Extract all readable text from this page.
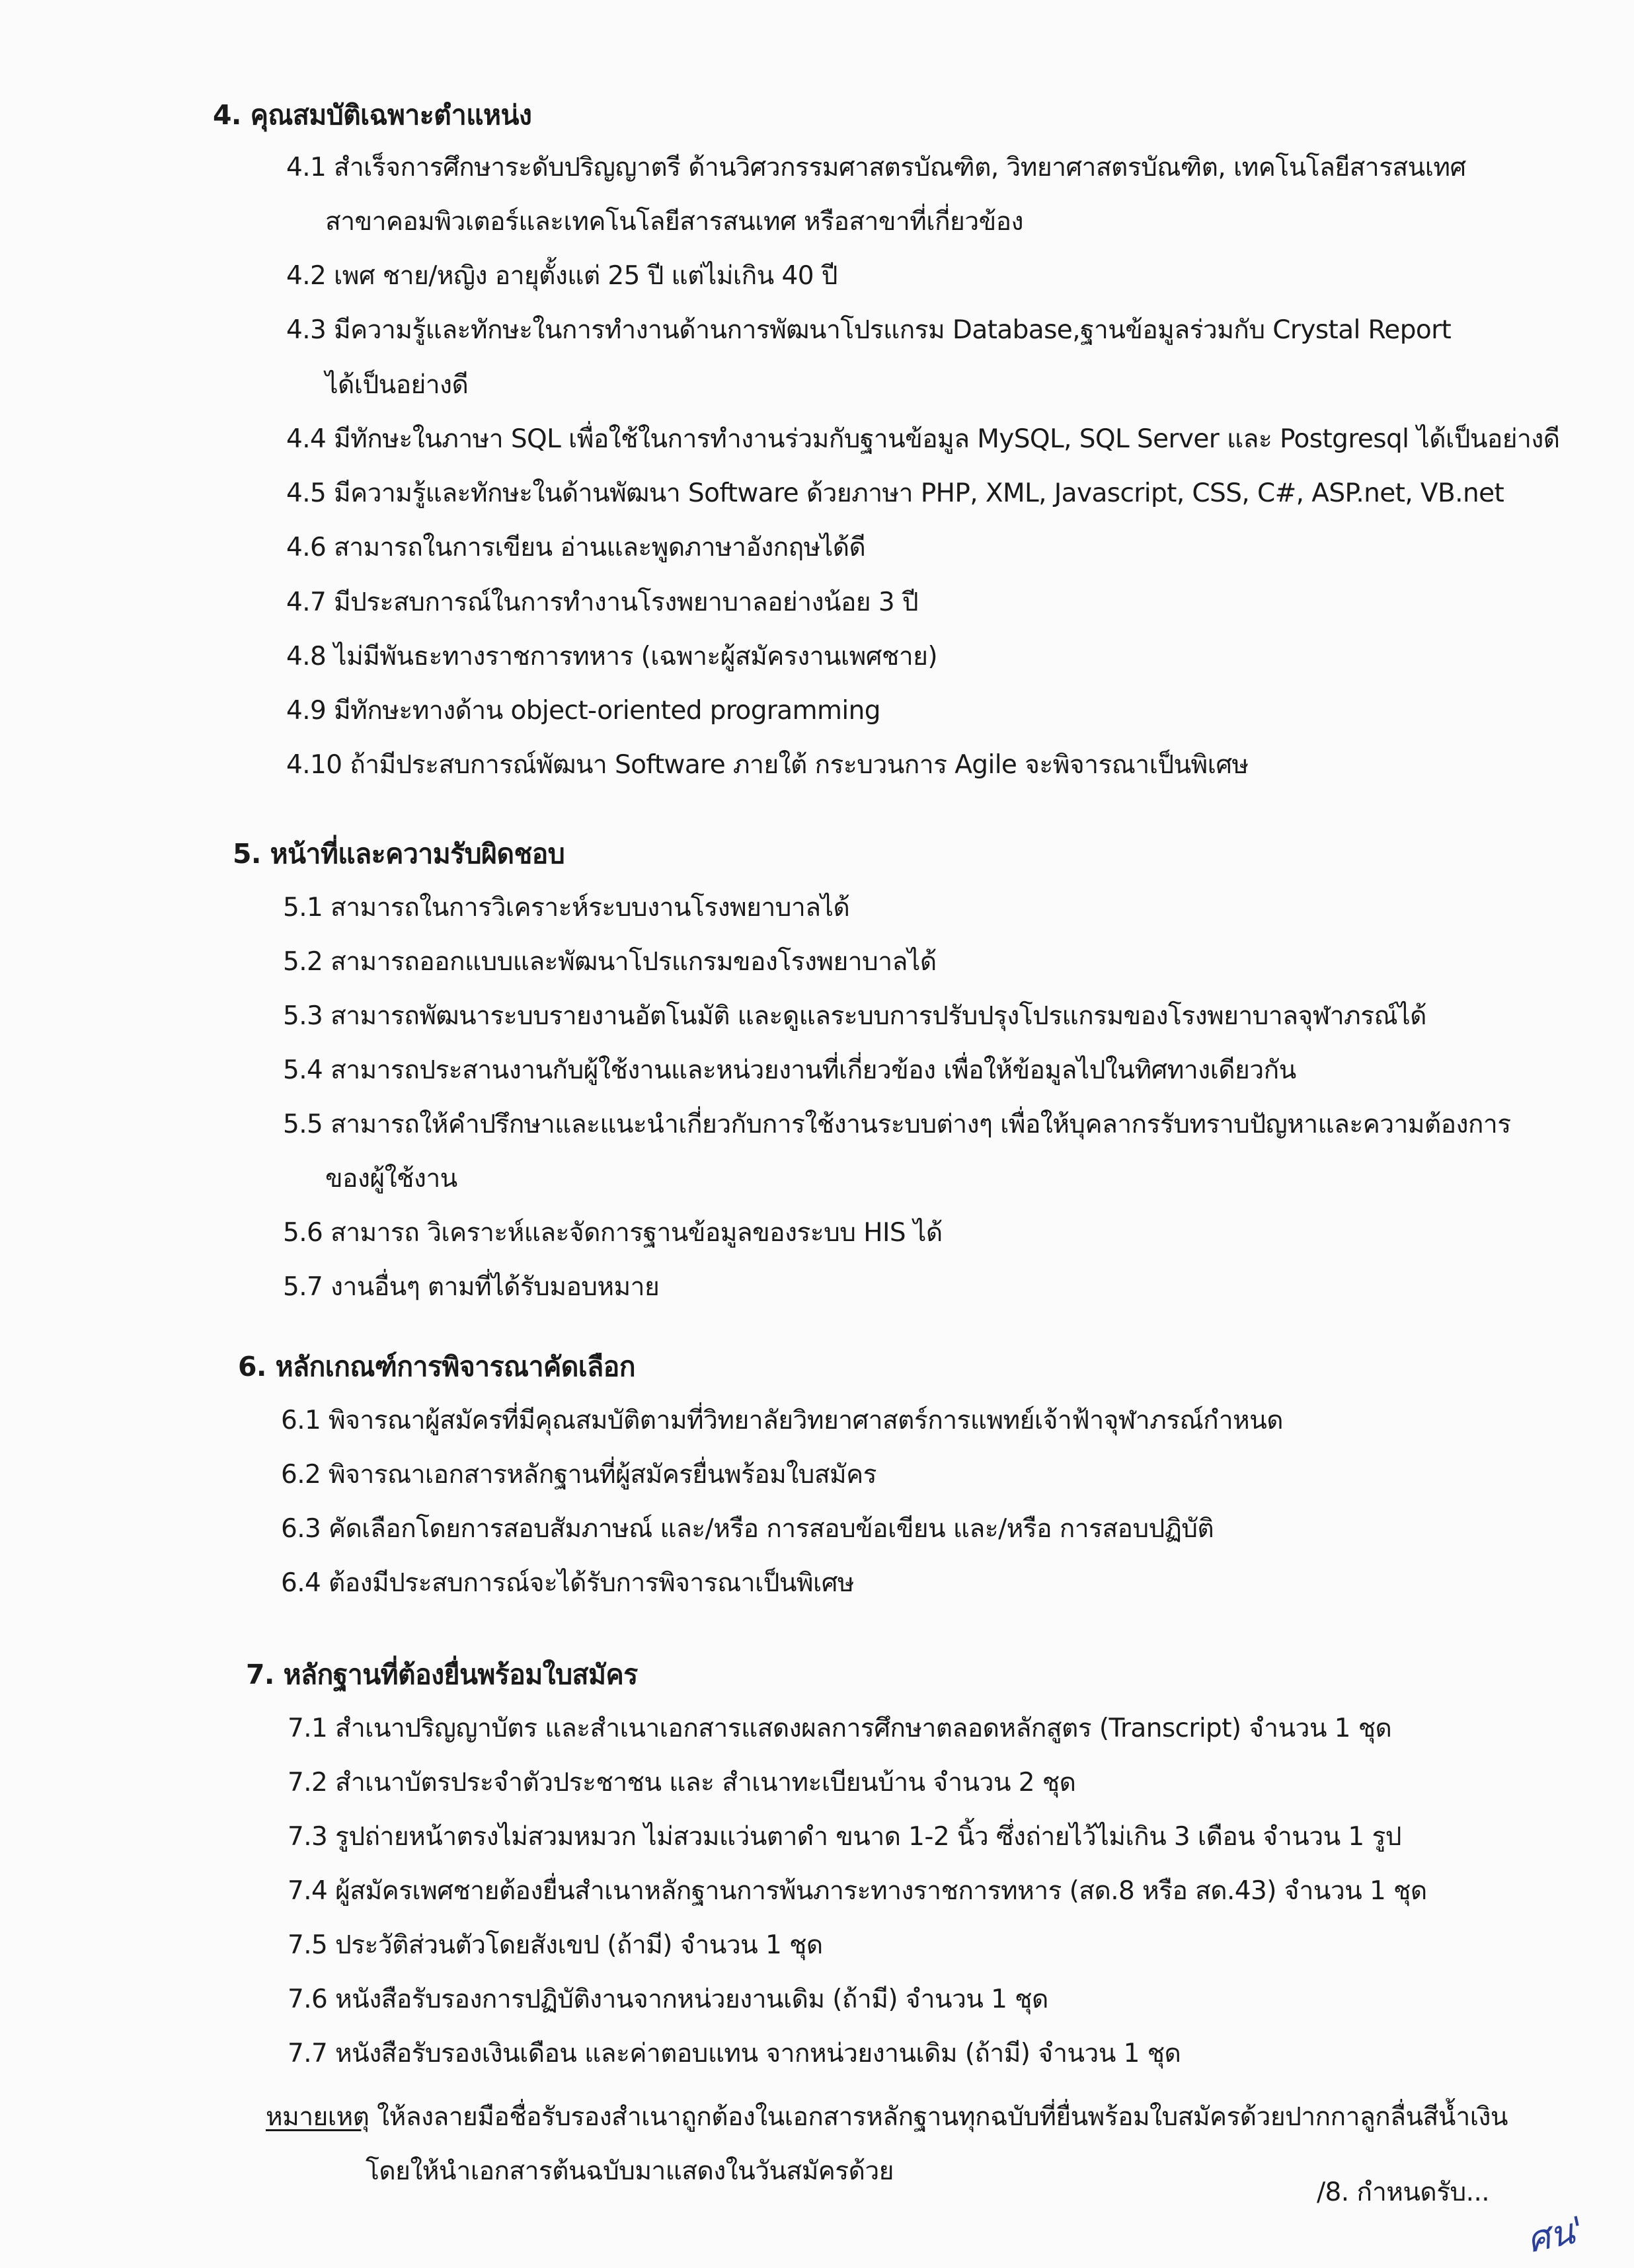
4. คุณสมบัติเฉพาะตำแหน่ง
4.1 สำเร็จการศึกษาระดับปริญญาตรี ด้านวิศวกรรมศาสตรบัณฑิต, วิทยาศาสตรบัณฑิต, เทคโนโลยีสารสนเทศ
สาขาคอมพิวเตอร์และเทคโนโลยีสารสนเทศ หรือสาขาที่เกี่ยวข้อง
4.2 เพศ ชาย/หญิง อายุตั้งแต่ 25 ปี แต่ไม่เกิน 40 ปี
4.3 มีความรู้และทักษะในการทำงานด้านการพัฒนาโปรแกรม Database,ฐานข้อมูลร่วมกับ Crystal Report
ได้เป็นอย่างดี
4.4 มีทักษะในภาษา SQL เพื่อใช้ในการทำงานร่วมกับฐานข้อมูล MySQL, SQL Server และ Postgresql ได้เป็นอย่างดี
4.5 มีความรู้และทักษะในด้านพัฒนา Software ด้วยภาษา PHP, XML, Javascript, CSS, C#, ASP.net, VB.net
4.6 สามารถในการเขียน อ่านและพูดภาษาอังกฤษได้ดี
4.7 มีประสบการณ์ในการทำงานโรงพยาบาลอย่างน้อย 3 ปี
4.8 ไม่มีพันธะทางราชการทหาร (เฉพาะผู้สมัครงานเพศชาย)
4.9 มีทักษะทางด้าน object-oriented programming
4.10 ถ้ามีประสบการณ์พัฒนา Software ภายใต้ กระบวนการ Agile จะพิจารณาเป็นพิเศษ
5. หน้าที่และความรับผิดชอบ
5.1 สามารถในการวิเคราะห์ระบบงานโรงพยาบาลได้
5.2 สามารถออกแบบและพัฒนาโปรแกรมของโรงพยาบาลได้
5.3 สามารถพัฒนาระบบรายงานอัตโนมัติ และดูแลระบบการปรับปรุงโปรแกรมของโรงพยาบาลจุฬาภรณ์ได้
5.4 สามารถประสานงานกับผู้ใช้งานและหน่วยงานที่เกี่ยวข้อง เพื่อให้ข้อมูลไปในทิศทางเดียวกัน
5.5 สามารถให้คำปรึกษาและแนะนำเกี่ยวกับการใช้งานระบบต่างๆ เพื่อให้บุคลากรรับทราบปัญหาและความต้องการ
ของผู้ใช้งาน
5.6 สามารถ วิเคราะห์และจัดการฐานข้อมูลของระบบ HIS ได้
5.7 งานอื่นๆ ตามที่ได้รับมอบหมาย
6. หลักเกณฑ์การพิจารณาคัดเลือก
6.1 พิจารณาผู้สมัครที่มีคุณสมบัติตามที่วิทยาลัยวิทยาศาสตร์การแพทย์เจ้าฟ้าจุฬาภรณ์กำหนด
6.2 พิจารณาเอกสารหลักฐานที่ผู้สมัครยื่นพร้อมใบสมัคร
6.3 คัดเลือกโดยการสอบสัมภาษณ์ และ/หรือ การสอบข้อเขียน และ/หรือ การสอบปฏิบัติ
6.4 ต้องมีประสบการณ์จะได้รับการพิจารณาเป็นพิเศษ
7. หลักฐานที่ต้องยื่นพร้อมใบสมัคร
7.1 สำเนาปริญญาบัตร และสำเนาเอกสารแสดงผลการศึกษาตลอดหลักสูตร (Transcript) จำนวน 1 ชุด
7.2 สำเนาบัตรประจำตัวประชาชน และ สำเนาทะเบียนบ้าน จำนวน 2 ชุด
7.3 รูปถ่ายหน้าตรงไม่สวมหมวก ไม่สวมแว่นตาดำ ขนาด 1-2 นิ้ว ซึ่งถ่ายไว้ไม่เกิน 3 เดือน จำนวน 1 รูป
7.4 ผู้สมัครเพศชายต้องยื่นสำเนาหลักฐานการพ้นภาระทางราชการทหาร (สด.8 หรือ สด.43) จำนวน 1 ชุด
7.5 ประวัติส่วนตัวโดยสังเขป (ถ้ามี) จำนวน 1 ชุด
7.6 หนังสือรับรองการปฏิบัติงานจากหน่วยงานเดิม (ถ้ามี) จำนวน 1 ชุด
7.7 หนังสือรับรองเงินเดือน และค่าตอบแทน จากหน่วยงานเดิม (ถ้ามี) จำนวน 1 ชุด
หมายเหตุ ให้ลงลายมือชื่อรับรองสำเนาถูกต้องในเอกสารหลักฐานทุกฉบับที่ยื่นพร้อมใบสมัครด้วยปากกาลูกลื่นสีน้ำเงิน
โดยให้นำเอกสารต้นฉบับมาแสดงในวันสมัครด้วย
/8. กำหนดรับ...
ศน'
